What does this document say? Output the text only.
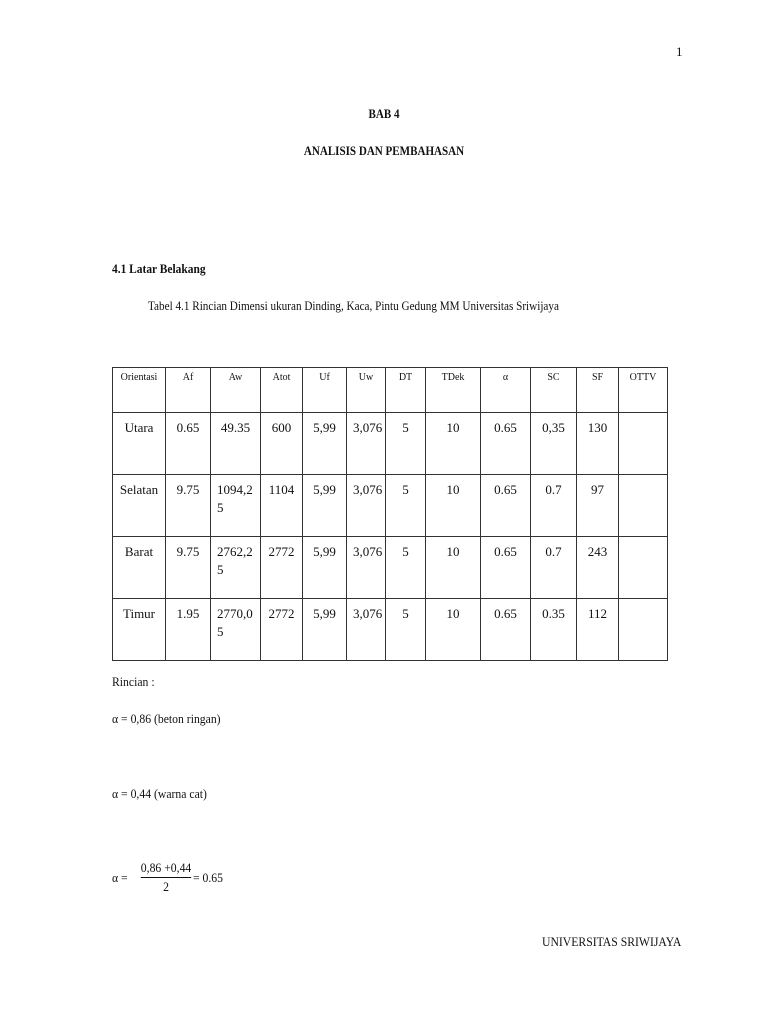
1
BAB 4
ANALISIS DAN PEMBAHASAN
4.1 Latar Belakang
Tabel 4.1 Rincian Dimensi ukuran Dinding, Kaca, Pintu Gedung MM Universitas Sriwijaya
Orientasi	Af	Aw	Atot	Uf	Uw	DT	TDek	α	SC	SF	OTTV
Utara	0.65	49.35	600	5,99	3,076	5	10	0.65	0,35	130	
Selatan	9.75	1094,25	1104	5,99	3,076	5	10	0.65	0.7	97	
Barat	9.75	2762,25	2772	5,99	3,076	5	10	0.65	0.7	243	
Timur	1.95	2770,05	2772	5,99	3,076	5	10	0.65	0.35	112	
Rincian :
α = 0,86 (beton ringan)
α = 0,44 (warna cat)
$\alpha = \frac{0,86 +0,44}{2} = 0.65$
UNIVERSITAS SRIWIJAYA
